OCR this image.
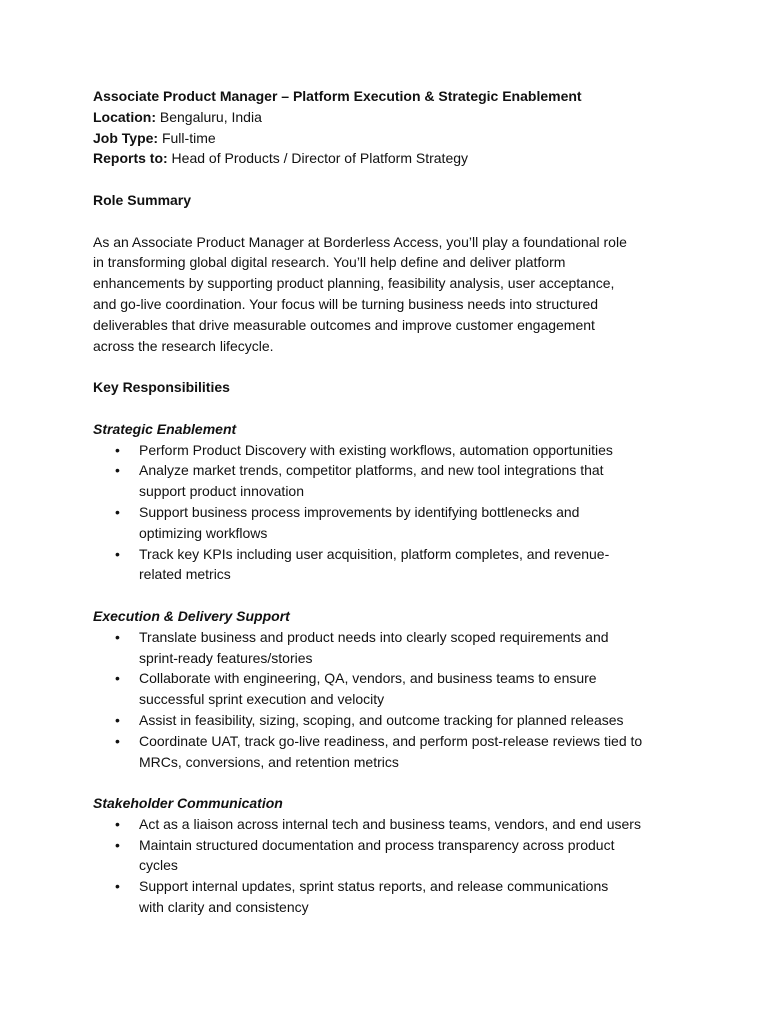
Associate Product Manager – Platform Execution & Strategic Enablement

Location: Bengaluru, India

Job Type: Full-time

Reports to: Head of Products / Director of Platform Strategy

Role Summary

As an Associate Product Manager at Borderless Access, you’ll play a foundational role

in transforming global digital research. You’ll help define and deliver platform

enhancements by supporting product planning, feasibility analysis, user acceptance,

and go-live coordination. Your focus will be turning business needs into structured

deliverables that drive measurable outcomes and improve customer engagement

across the research lifecycle.

Key Responsibilities

Strategic Enablement

• Perform Product Discovery with existing workflows, automation opportunities

• Analyze market trends, competitor platforms, and new tool integrations that

support product innovation

• Support business process improvements by identifying bottlenecks and

optimizing workflows

• Track key KPIs including user acquisition, platform completes, and revenue-

related metrics

Execution & Delivery Support

• Translate business and product needs into clearly scoped requirements and

sprint-ready features/stories

• Collaborate with engineering, QA, vendors, and business teams to ensure

successful sprint execution and velocity

• Assist in feasibility, sizing, scoping, and outcome tracking for planned releases

• Coordinate UAT, track go-live readiness, and perform post-release reviews tied to

MRCs, conversions, and retention metrics

Stakeholder Communication

• Act as a liaison across internal tech and business teams, vendors, and end users

• Maintain structured documentation and process transparency across product

cycles

• Support internal updates, sprint status reports, and release communications

with clarity and consistency
